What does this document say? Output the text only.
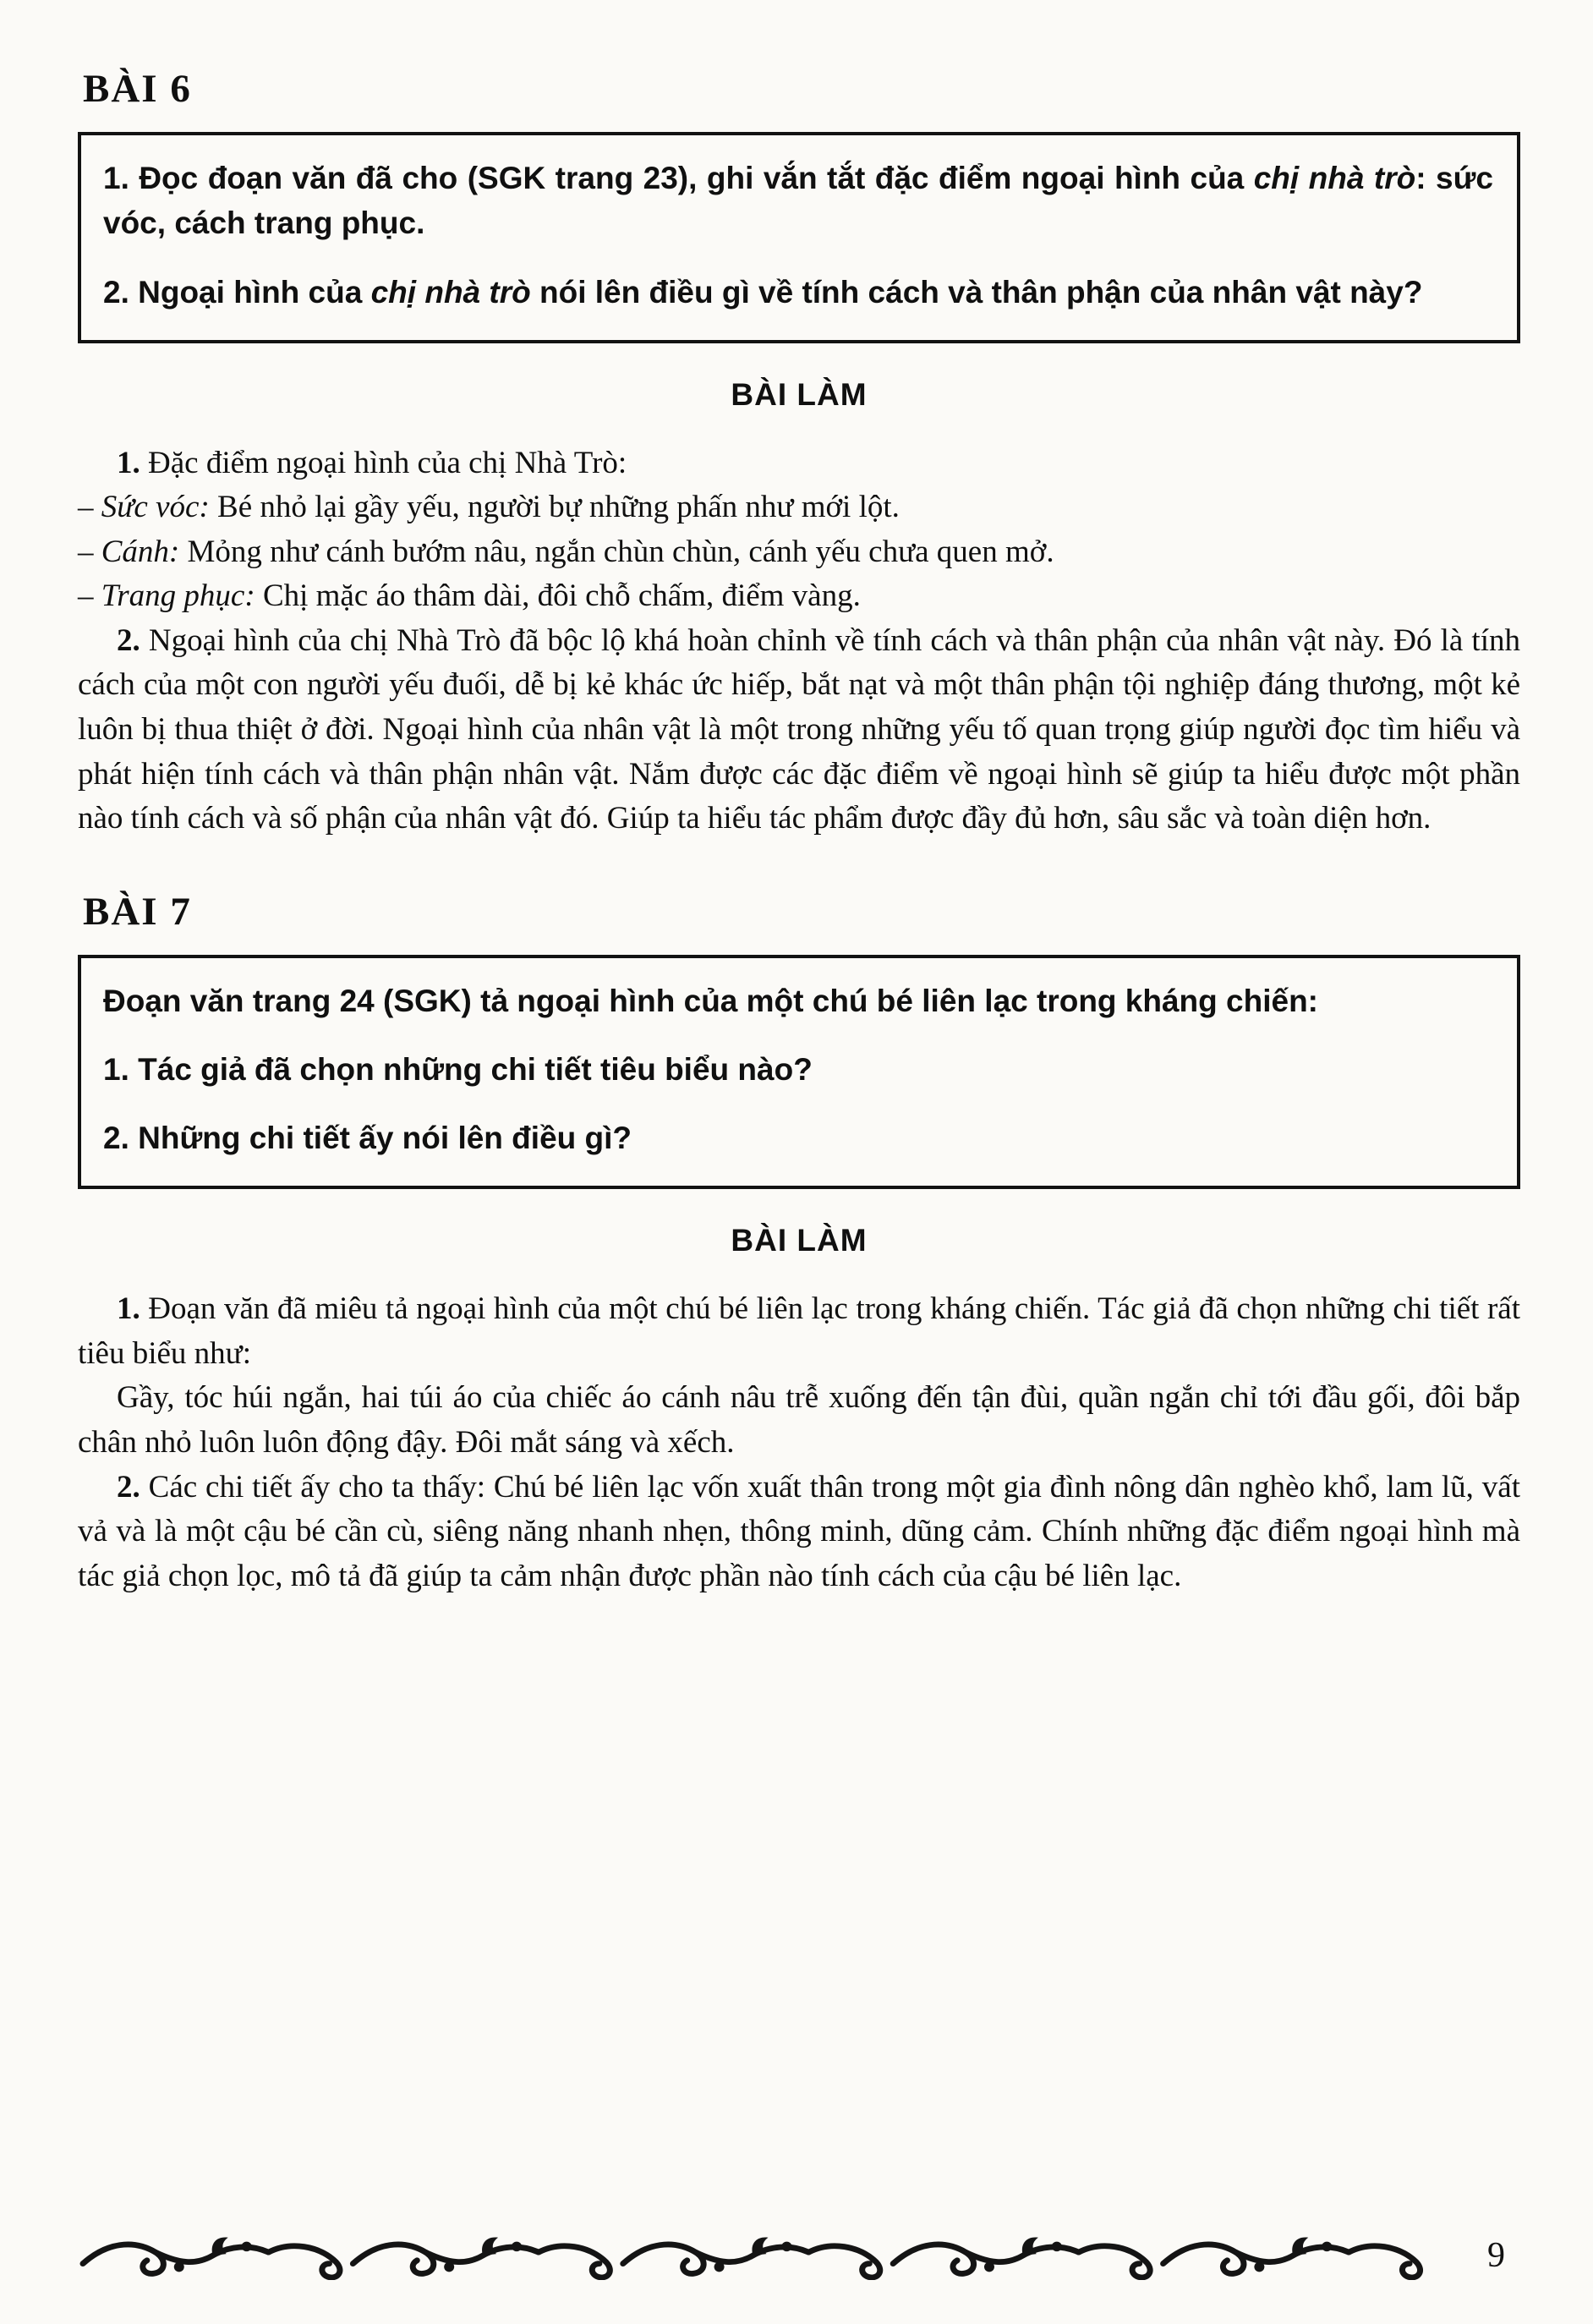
BÀI 6

1. Đọc đoạn văn đã cho (SGK trang 23), ghi vắn tắt đặc điểm ngoại hình của chị nhà trò: sức vóc, cách trang phục.

2. Ngoại hình của chị nhà trò nói lên điều gì về tính cách và thân phận của nhân vật này?

BÀI LÀM

1. Đặc điểm ngoại hình của chị Nhà Trò:

– Sức vóc: Bé nhỏ lại gầy yếu, người bự những phấn như mới lột.

– Cánh: Mỏng như cánh bướm nâu, ngắn chùn chùn, cánh yếu chưa quen mở.

– Trang phục: Chị mặc áo thâm dài, đôi chỗ chấm, điểm vàng.

2. Ngoại hình của chị Nhà Trò đã bộc lộ khá hoàn chỉnh về tính cách và thân phận của nhân vật này. Đó là tính cách của một con người yếu đuối, dễ bị kẻ khác ức hiếp, bắt nạt và một thân phận tội nghiệp đáng thương, một kẻ luôn bị thua thiệt ở đời. Ngoại hình của nhân vật là một trong những yếu tố quan trọng giúp người đọc tìm hiểu và phát hiện tính cách và thân phận nhân vật. Nắm được các đặc điểm về ngoại hình sẽ giúp ta hiểu được một phần nào tính cách và số phận của nhân vật đó. Giúp ta hiểu tác phẩm được đầy đủ hơn, sâu sắc và toàn diện hơn.

BÀI 7

Đoạn văn trang 24 (SGK) tả ngoại hình của một chú bé liên lạc trong kháng chiến:

1. Tác giả đã chọn những chi tiết tiêu biểu nào?

2. Những chi tiết ấy nói lên điều gì?

BÀI LÀM

1. Đoạn văn đã miêu tả ngoại hình của một chú bé liên lạc trong kháng chiến. Tác giả đã chọn những chi tiết rất tiêu biểu như:

Gầy, tóc húi ngắn, hai túi áo của chiếc áo cánh nâu trễ xuống đến tận đùi, quần ngắn chỉ tới đầu gối, đôi bắp chân nhỏ luôn luôn động đậy. Đôi mắt sáng và xếch.

2. Các chi tiết ấy cho ta thấy: Chú bé liên lạc vốn xuất thân trong một gia đình nông dân nghèo khổ, lam lũ, vất vả và là một cậu bé cần cù, siêng năng nhanh nhẹn, thông minh, dũng cảm. Chính những đặc điểm ngoại hình mà tác giả chọn lọc, mô tả đã giúp ta cảm nhận được phần nào tính cách của cậu bé liên lạc.

9
